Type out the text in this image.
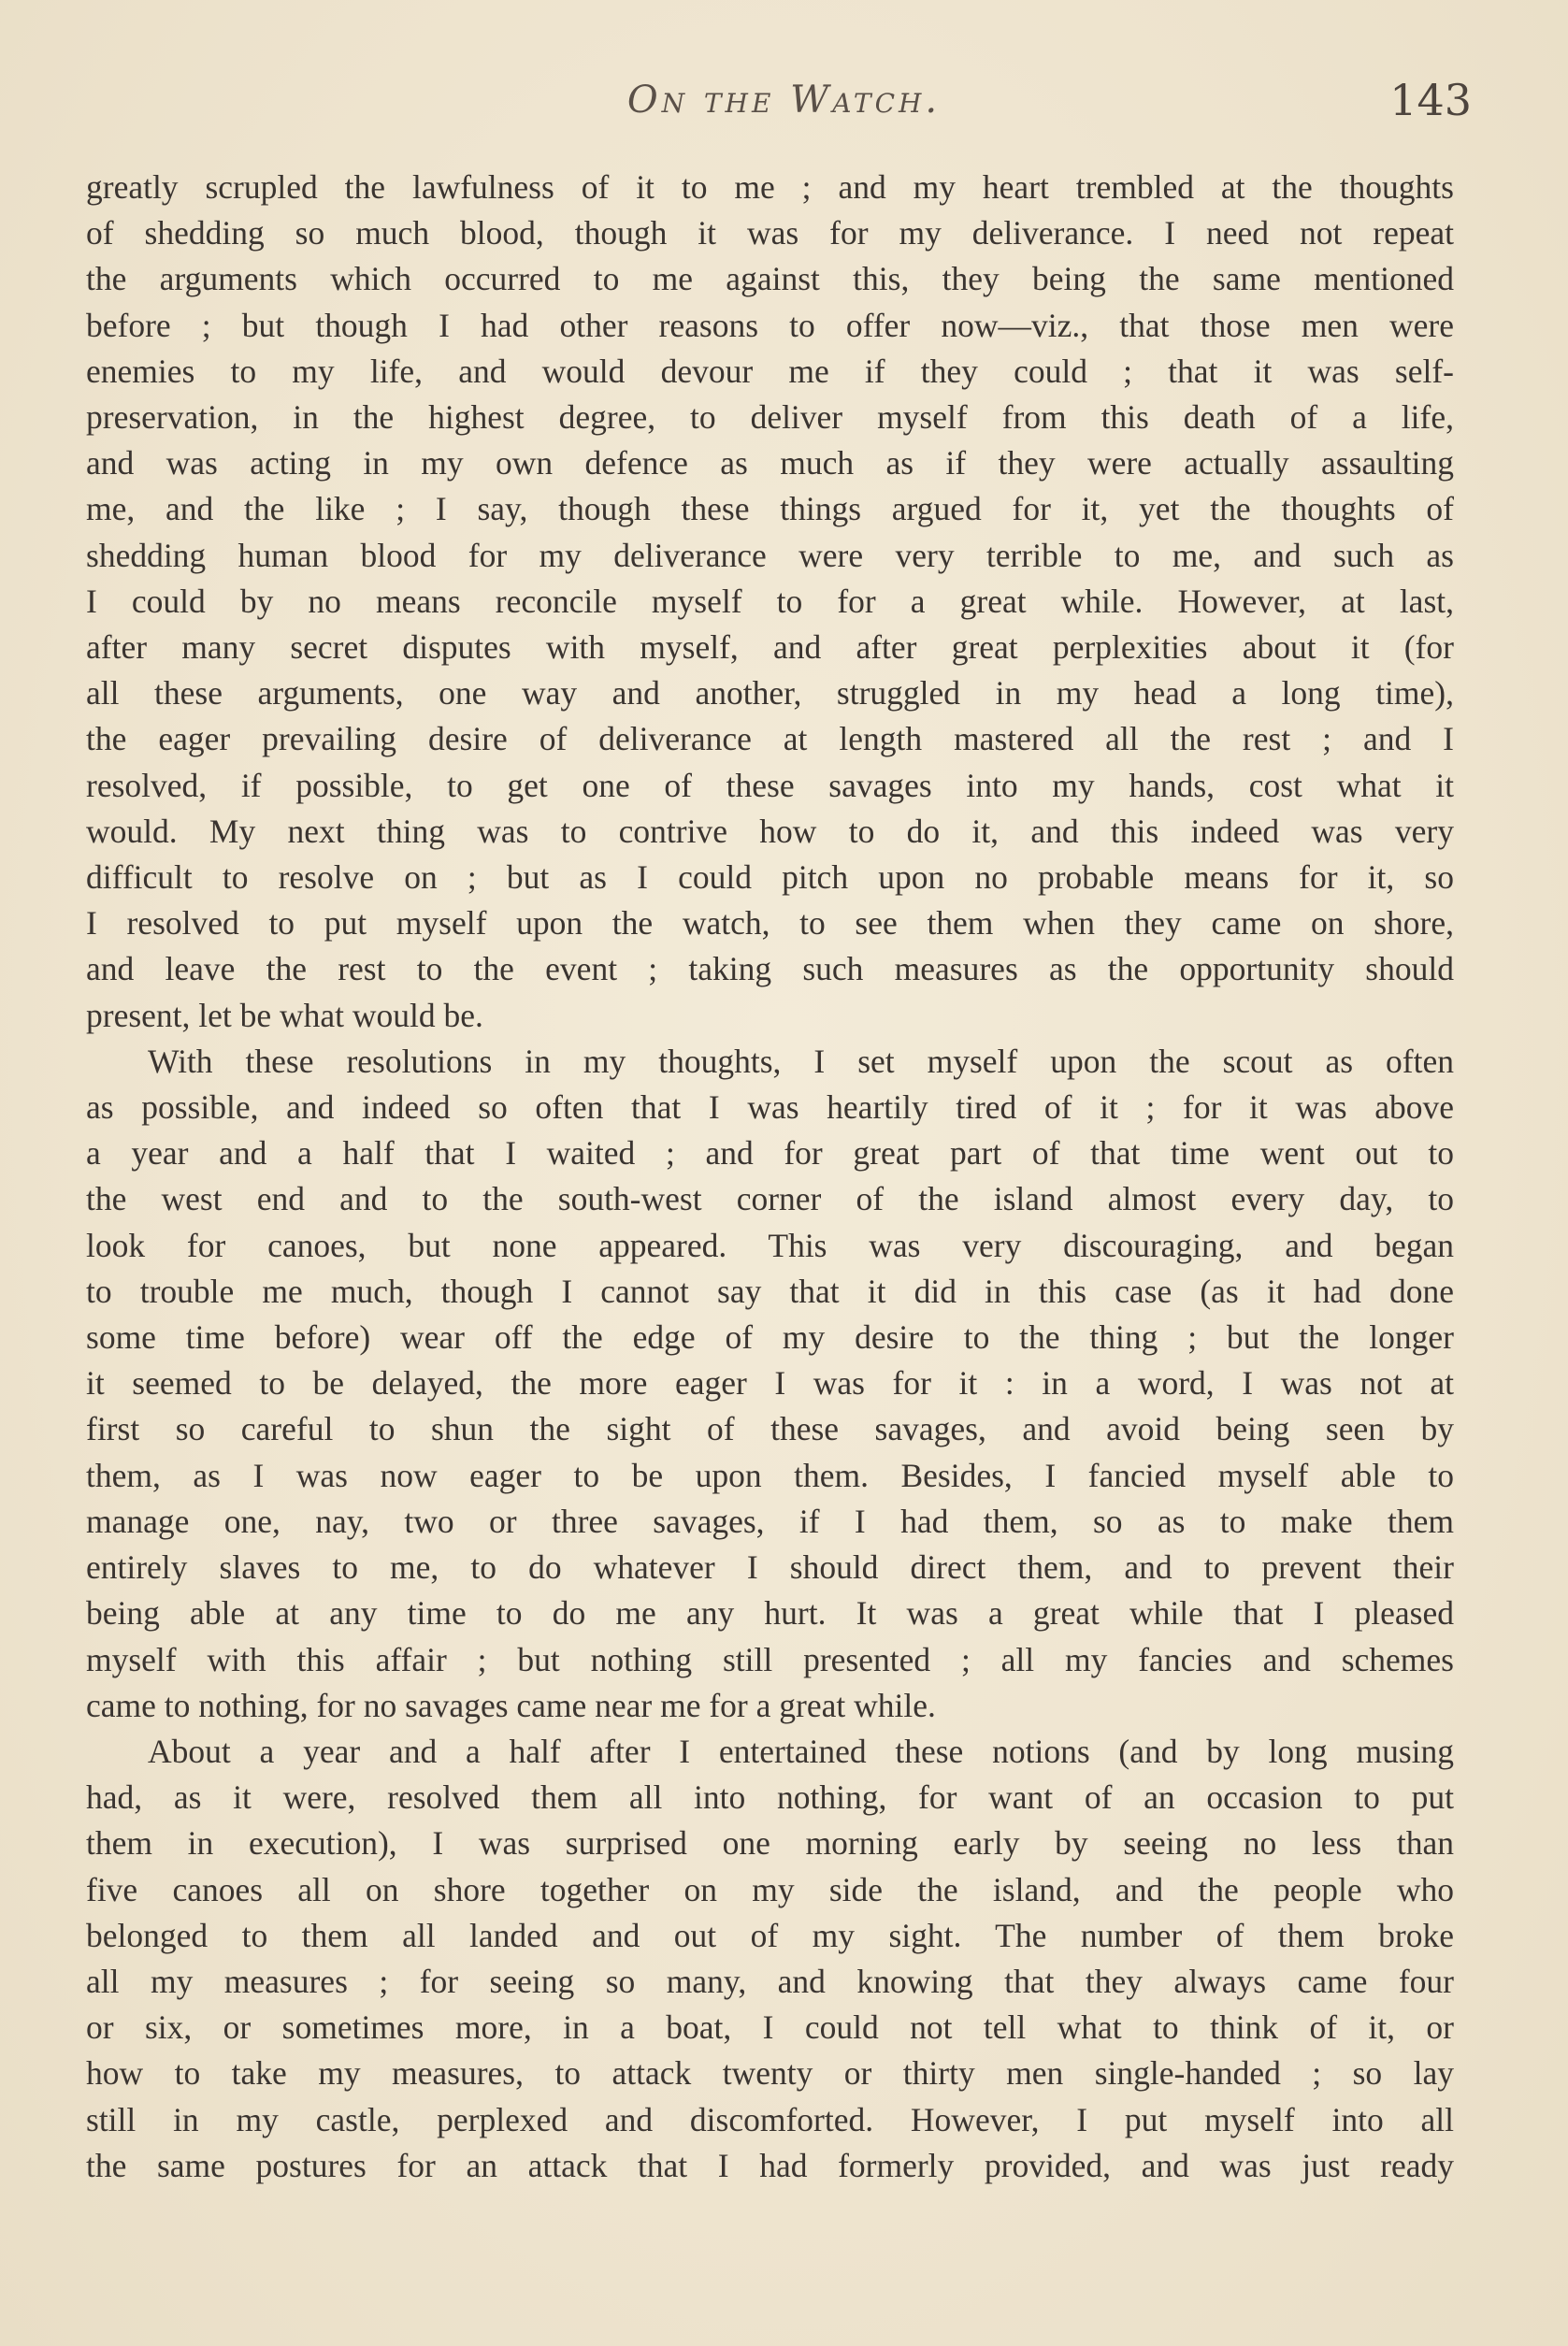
On the Watch.	143
greatly scrupled the lawfulness of it to me ; and my heart trembled at the thoughts
of shedding so much blood, though it was for my deliverance. I need not repeat
the arguments which occurred to me against this, they being the same mentioned
before ; but though I had other reasons to offer now—viz., that those men were
enemies to my life, and would devour me if they could ; that it was self-
preservation, in the highest degree, to deliver myself from this death of a life,
and was acting in my own defence as much as if they were actually assaulting
me, and the like ; I say, though these things argued for it, yet the thoughts of
shedding human blood for my deliverance were very terrible to me, and such as
I could by no means reconcile myself to for a great while. However, at last,
after many secret disputes with myself, and after great perplexities about it (for
all these arguments, one way and another, struggled in my head a long time),
the eager prevailing desire of deliverance at length mastered all the rest ; and I
resolved, if possible, to get one of these savages into my hands, cost what it
would. My next thing was to contrive how to do it, and this indeed was very
difficult to resolve on ; but as I could pitch upon no probable means for it, so
I resolved to put myself upon the watch, to see them when they came on shore,
and leave the rest to the event ; taking such measures as the opportunity should
present, let be what would be.
With these resolutions in my thoughts, I set myself upon the scout as often
as possible, and indeed so often that I was heartily tired of it ; for it was above
a year and a half that I waited ; and for great part of that time went out to
the west end and to the south-west corner of the island almost every day, to
look for canoes, but none appeared. This was very discouraging, and began
to trouble me much, though I cannot say that it did in this case (as it had done
some time before) wear off the edge of my desire to the thing ; but the longer
it seemed to be delayed, the more eager I was for it : in a word, I was not at
first so careful to shun the sight of these savages, and avoid being seen by
them, as I was now eager to be upon them. Besides, I fancied myself able to
manage one, nay, two or three savages, if I had them, so as to make them
entirely slaves to me, to do whatever I should direct them, and to prevent their
being able at any time to do me any hurt. It was a great while that I pleased
myself with this affair ; but nothing still presented ; all my fancies and schemes
came to nothing, for no savages came near me for a great while.
About a year and a half after I entertained these notions (and by long musing
had, as it were, resolved them all into nothing, for want of an occasion to put
them in execution), I was surprised one morning early by seeing no less than
five canoes all on shore together on my side the island, and the people who
belonged to them all landed and out of my sight. The number of them broke
all my measures ; for seeing so many, and knowing that they always came four
or six, or sometimes more, in a boat, I could not tell what to think of it, or
how to take my measures, to attack twenty or thirty men single-handed ; so lay
still in my castle, perplexed and discomforted. However, I put myself into all
the same postures for an attack that I had formerly provided, and was just ready
